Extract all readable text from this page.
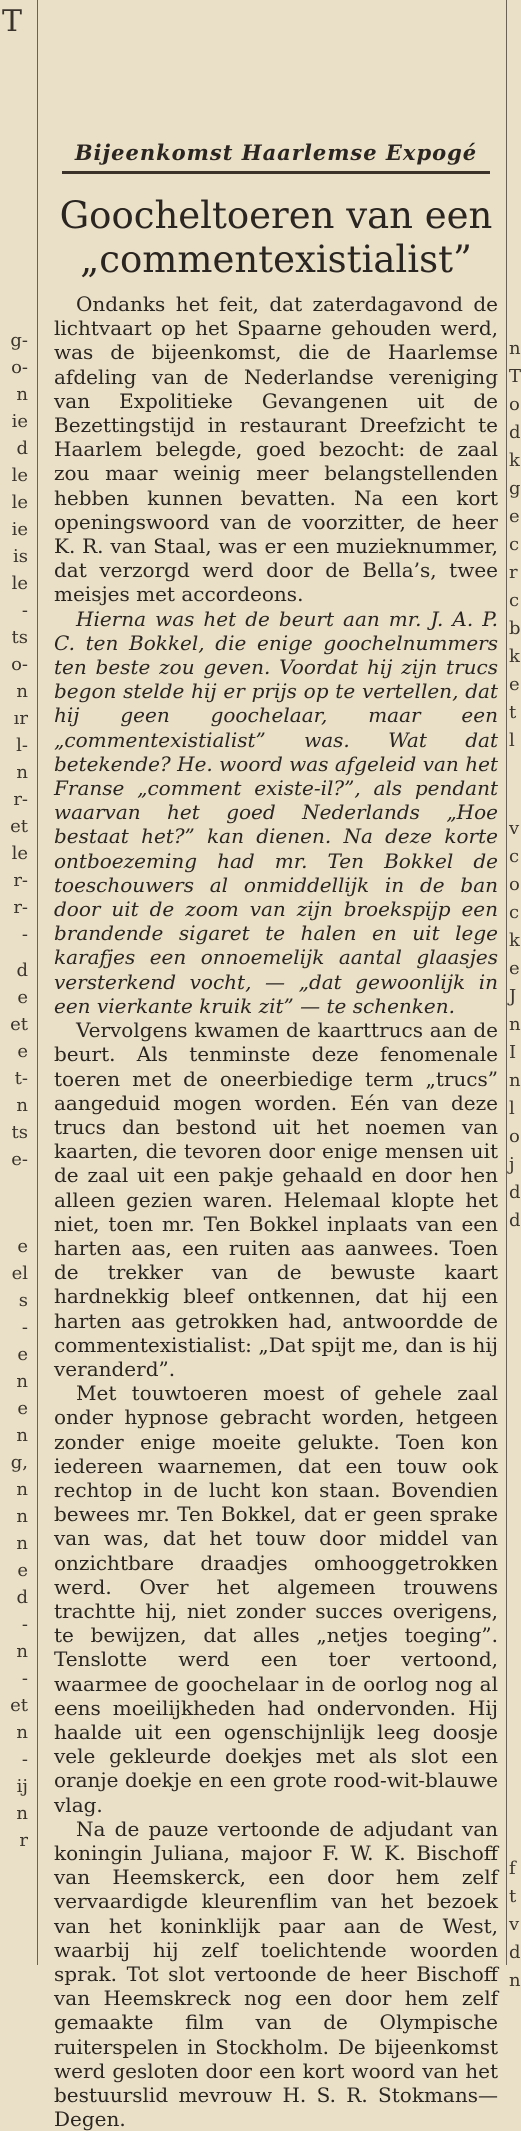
T
g-
o-
n
ie
d
le
le
ie
is
le
-
ts
o-
n
ır
l-
n
r-
et
le
r-
r-
-
d
e
et
e
t-
n
ts
e-
e
el
s
-
e
n
e
n
g,
n
n
n
e
d
-
n
-
et
n
-
ij
n
r
Bijeenkomst Haarlemse Expogé
Goocheltoeren van een
„commentexistialist”

Ondanks het feit, dat zaterdagavond de lichtvaart op het Spaarne gehouden werd, was de bijeenkomst, die de Haarlemse afdeling van de Nederlandse vereniging van Expolitieke Gevangenen uit de Bezettingstijd in restaurant Dreefzicht te Haarlem belegde, goed bezocht: de zaal zou maar weinig meer belangstellenden hebben kunnen bevatten. Na een kort openingswoord van de voorzitter, de heer K. R. van Staal, was er een muzieknummer, dat verzorgd werd door de Bella’s, twee meisjes met accordeons.

Hierna was het de beurt aan mr. J. A. P. C. ten Bokkel, die enige goochelnummers ten beste zou geven. Voordat hij zijn trucs begon stelde hij er prijs op te vertellen, dat hij geen goochelaar, maar een „commentexistialist” was. Wat dat betekende? He. woord was afgeleid van het Franse „comment existe-il?”, als pendant waarvan het goed Nederlands „Hoe bestaat het?” kan dienen. Na deze korte ontboezeming had mr. Ten Bokkel de toeschouwers al onmiddellijk in de ban door uit de zoom van zijn broekspijp een brandende sigaret te halen en uit lege karafjes een onnoemelijk aantal glaasjes versterkend vocht, — „dat gewoonlijk in een vierkante kruik zit” — te schenken.

Vervolgens kwamen de kaarttrucs aan de beurt. Als tenminste deze fenomenale toeren met de oneerbiedige term „trucs” aangeduid mogen worden. Eén van deze trucs dan bestond uit het noemen van kaarten, die tevoren door enige mensen uit de zaal uit een pakje gehaald en door hen alleen gezien waren. Helemaal klopte het niet, toen mr. Ten Bokkel inplaats van een harten aas, een ruiten aas aanwees. Toen de trekker van de bewuste kaart hardnekkig bleef ontkennen, dat hij een harten aas getrokken had, antwoordde de commentexistialist: „Dat spijt me, dan is hij veranderd”.

Met touwtoeren moest of gehele zaal onder hypnose gebracht worden, hetgeen zonder enige moeite gelukte. Toen kon iedereen waarnemen, dat een touw ook rechtop in de lucht kon staan. Bovendien bewees mr. Ten Bokkel, dat er geen sprake van was, dat het touw door middel van onzichtbare draadjes omhooggetrokken werd. Over het algemeen trouwens trachtte hij, niet zonder succes overigens, te bewijzen, dat alles „netjes toeging”. Tenslotte werd een toer vertoond, waarmee de goochelaar in de oorlog nog al eens moeilijkheden had ondervonden. Hij haalde uit een ogenschijnlijk leeg doosje vele gekleurde doekjes met als slot een oranje doekje en een grote rood-wit-blauwe vlag.

Na de pauze vertoonde de adjudant van koningin Juliana, majoor F. W. K. Bischoff van Heemskerck, een door hem zelf vervaardigde kleurenflim van het bezoek van het koninklijk paar aan de West, waarbij hij zelf toelichtende woorden sprak. Tot slot vertoonde de heer Bischoff van Heemskreck nog een door hem zelf gemaakte film van de Olympische ruiterspelen in Stockholm. De bijeenkomst werd gesloten door een kort woord van het bestuurslid mevrouw H. S. R. Stokmans—Degen.

n
T
o
d
k
g
e
c
r
c
b
k
e
t
l
v
c
o
c
k
e
J
n
I
n
l
o
j
d
d
f
t
v
d
n
